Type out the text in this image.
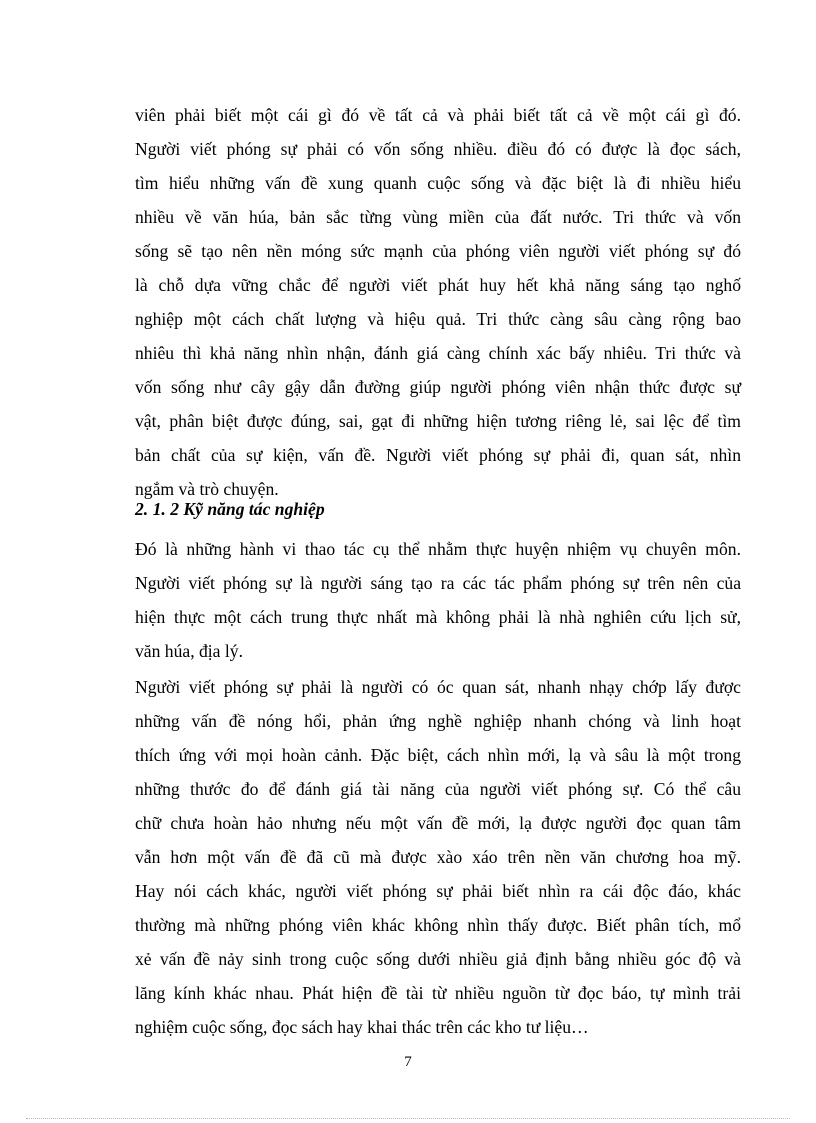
viên phải biết một cái gì đó về tất cả và phải biết tất cả về một cái gì đó.
Người viết phóng sự phải có vốn sống nhiều. điều đó có được là đọc sách,
tìm hiểu những vấn đề xung quanh cuộc sống và đặc biệt là đi nhiều hiểu
nhiều về văn húa, bản sắc từng vùng miền của đất nước. Tri thức và vốn
sống sẽ tạo nên nền móng sức mạnh của phóng viên người viết phóng sự đó
là chỗ dựa vững chắc để người viết phát huy hết khả năng sáng tạo nghố
nghiệp một cách chất lượng và hiệu quả. Tri thức càng sâu càng rộng bao
nhiêu thì khả năng nhìn nhận, đánh giá càng chính xác bấy nhiêu. Tri thức và
vốn sống như cây gậy dẫn đường giúp người phóng viên nhận thức được sự
vật, phân biệt được đúng, sai, gạt đi những hiện tương riêng lẻ, sai lệc để tìm
bản chất của sự kiện, vấn đề. Người viết phóng sự phải đi, quan sát, nhìn
ngắm và trò chuyện.
2. 1. 2 Kỹ năng tác nghiệp
Đó là những hành vi thao tác cụ thể nhằm thực huyện nhiệm vụ chuyên môn.
Người viết phóng sự là người sáng tạo ra các tác phẩm phóng sự trên nên của
hiện thực một cách trung thực nhất mà không phải là nhà nghiên cứu lịch sử,
văn húa, địa lý.
Người viết phóng sự phải là người có óc quan sát, nhanh nhạy chớp lấy được
những vấn đề nóng hổi, phản ứng nghề nghiệp nhanh chóng và linh hoạt
thích ứng với mọi hoàn cảnh. Đặc biệt, cách nhìn mới, lạ và sâu là một trong
những thước đo để đánh giá tài năng của người viết phóng sự. Có thể câu
chữ chưa hoàn hảo nhưng nếu một vấn đề mới, lạ được người đọc quan tâm
vẫn hơn một vấn đề đã cũ mà được xào xáo trên nền văn chương hoa mỹ.
Hay nói cách khác, người viết phóng sự phải biết nhìn ra cái độc đáo, khác
thường mà những phóng viên khác không nhìn thấy được. Biết phân tích, mổ
xẻ vấn đề nảy sinh trong cuộc sống dưới nhiều giả định bằng nhiều góc độ và
lăng kính khác nhau. Phát hiện đề tài từ nhiều nguồn từ đọc báo, tự mình trải
nghiệm cuộc sống, đọc sách hay khai thác trên các kho tư liệu…
7
